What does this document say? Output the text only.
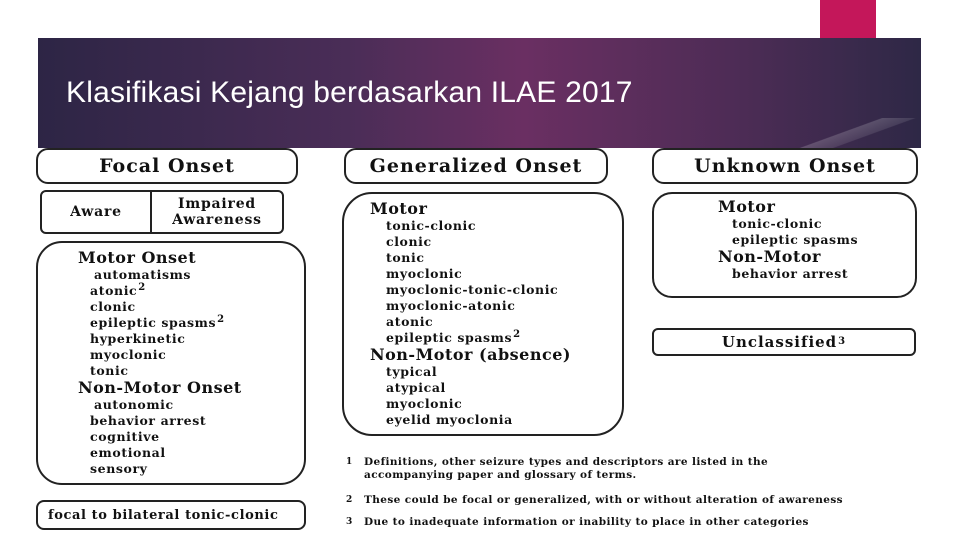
Klasifikasi Kejang berdasarkan ILAE 2017
Focal Onset
Aware	Impaired
Awareness
Motor Onset
automatisms
atonic$^2$
clonic
epileptic spasms$^2$
hyperkinetic
myoclonic
tonic
Non-Motor Onset
autonomic
behavior arrest
cognitive
emotional
sensory
focal to bilateral tonic-clonic
Generalized Onset
Motor
tonic-clonic
clonic
tonic
myoclonic
myoclonic-tonic-clonic
myoclonic-atonic
atonic
epileptic spasms$^2$
Non-Motor (absence)
typical
atypical
myoclonic
eyelid myoclonia
Unknown Onset
Motor
tonic-clonic
epileptic spasms
Non-Motor
behavior arrest
Unclassified 3
1	Definitions, other seizure types and descriptors are listed in the
accompanying paper and glossary of terms.
2	These could be focal or generalized, with or without alteration of awareness
3	Due to inadequate information or inability to place in other categories
